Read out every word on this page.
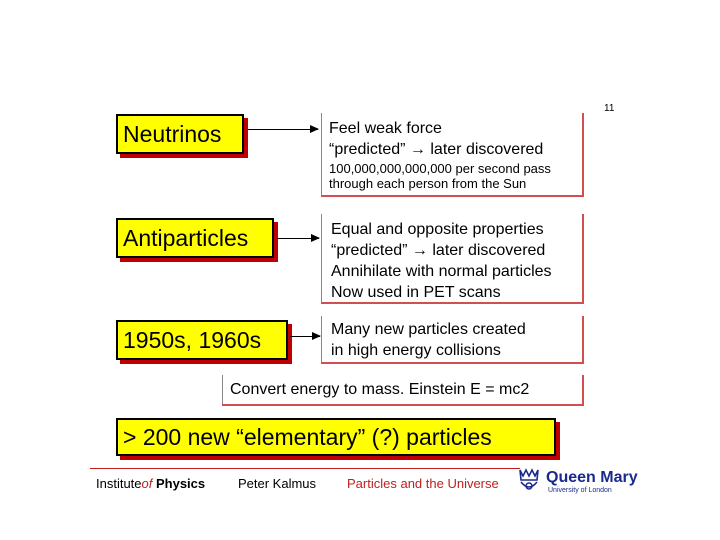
11
Neutrinos	Feel weak force
“predicted” → later discovered
100,000,000,000,000 per second pass
through each person from the Sun
Antiparticles	Equal and opposite properties
“predicted” → later discovered
Annihilate with normal particles
Now used in PET scans
1950s, 1960s	Many new particles created
in high energy collisions
Convert energy to mass. Einstein E = mc2
> 200 new “elementary” (?) particles
Instituteof Physics	Peter Kalmus Particles and the Universe	Queen Mary
University of London
